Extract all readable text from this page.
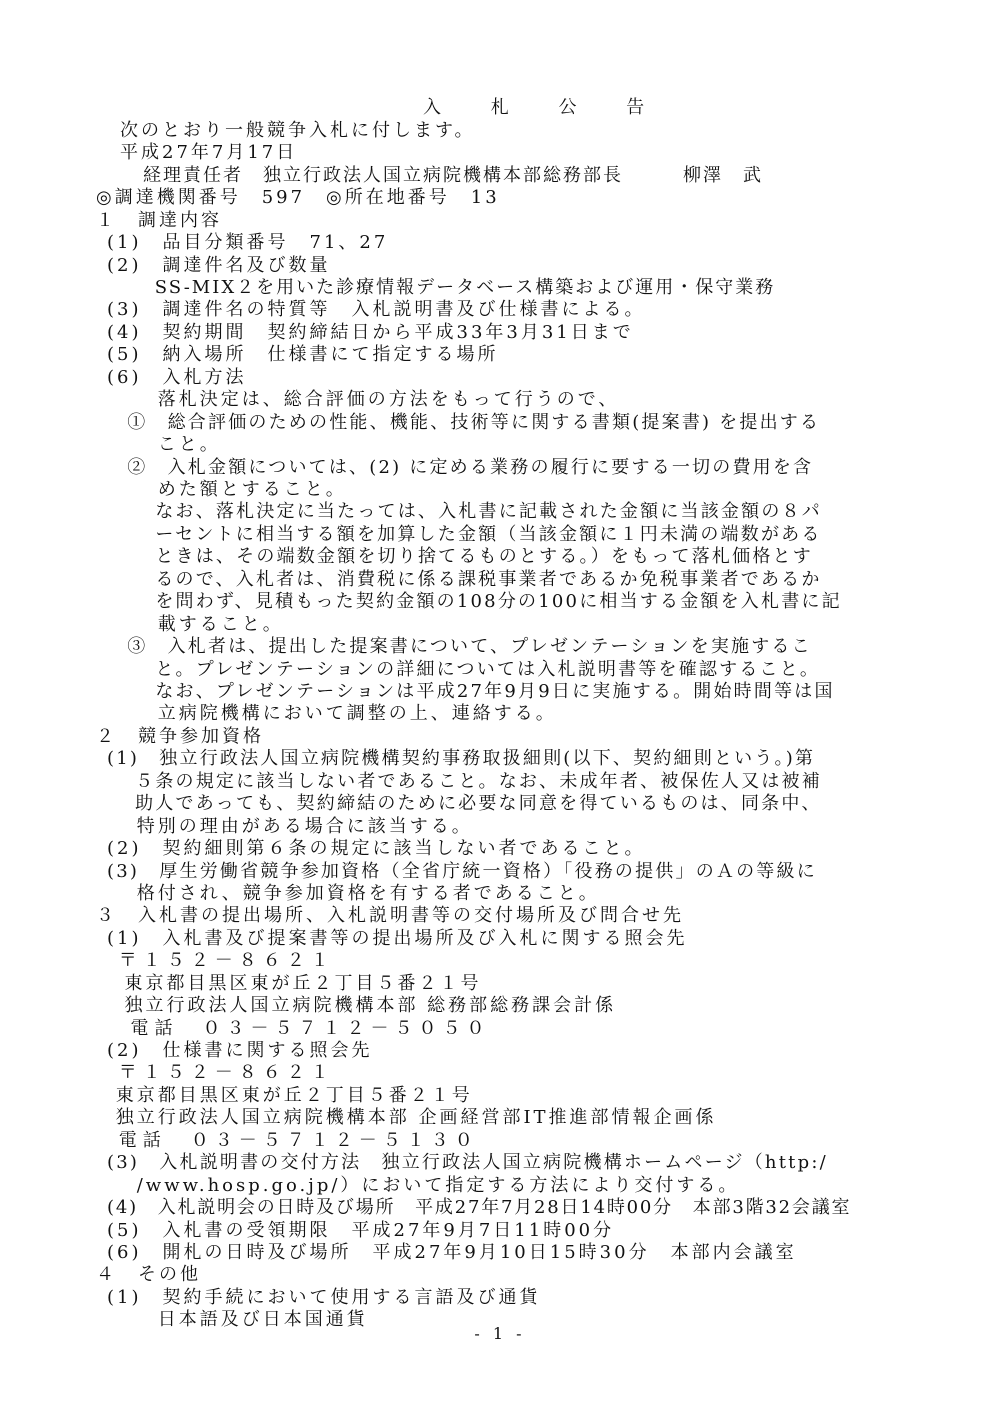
入 札 公 告
次のとおり一般競争入札に付します。
平成27年7月17日
経理責任者　独立行政法人国立病院機構本部総務部長　　　柳澤　武
◎調達機関番号　597　◎所在地番号　13
１　調達内容
(1)　品目分類番号　71、27
(2)　調達件名及び数量
　　 SS-MIX２を用いた診療情報データベース構築および運用・保守業務
(3)　調達件名の特質等　入札説明書及び仕様書による。
(4)　契約期間　契約締結日から平成33年3月31日まで
(5)　納入場所　仕様書にて指定する場所
(6)　入札方法
　　 落札決定は、総合評価の方法をもって行うので、
　①　総合評価のための性能、機能、技術等に関する書類(提案書) を提出する
　　 こと。
　②　入札金額については、(2) に定める業務の履行に要する一切の費用を含
　　 めた額とすること。
　　 なお、落札決定に当たっては、入札書に記載された金額に当該金額の８パ
　　 ーセントに相当する額を加算した金額（当該金額に１円未満の端数がある
　　 ときは、その端数金額を切り捨てるものとする。）をもって落札価格とす
　　 るので、入札者は、消費税に係る課税事業者であるか免税事業者であるか
　　 を問わず、見積もった契約金額の108分の100に相当する金額を入札書に記
　　 載すること。
　③　入札者は、提出した提案書について、プレゼンテーションを実施するこ
　　 と。プレゼンテーションの詳細については入札説明書等を確認すること。
　　 なお、プレゼンテーションは平成27年9月9日に実施する。開始時間等は国
　　 立病院機構において調整の上、連絡する。
２　競争参加資格
(1)　独立行政法人国立病院機構契約事務取扱細則(以下、契約細則という。)第
　 ５条の規定に該当しない者であること。なお、未成年者、被保佐人又は被補
　 助人であっても、契約締結のために必要な同意を得ているものは、同条中、
　 特別の理由がある場合に該当する。
(2)　契約細則第６条の規定に該当しない者であること。
(3)　厚生労働省競争参加資格（全省庁統一資格）「役務の提供」のＡの等級に
　 格付され、競争参加資格を有する者であること。
３　入札書の提出場所、入札説明書等の交付場所及び問合せ先
(1)　入札書及び提案書等の提出場所及び入札に関する照会先
〒１５２－８６２１
東京都目黒区東が丘２丁目５番２１号
独立行政法人国立病院機構本部 総務部総務課会計係
電話　０３－５７１２－５０５０
(2)　仕様書に関する照会先
〒１５２－８６２１
東京都目黒区東が丘２丁目５番２１号
独立行政法人国立病院機構本部 企画経営部IT推進部情報企画係
電話　０３－５７１２－５１３０
(3)　入札説明書の交付方法　独立行政法人国立病院機構ホームページ（http:/
　 /www.hosp.go.jp/）において指定する方法により交付する。
(4)　入札説明会の日時及び場所　平成27年7月28日14時00分　本部3階32会議室
(5)　入札書の受領期限　平成27年9月7日11時00分
(6)　開札の日時及び場所　平成27年9月10日15時30分　本部内会議室
４　その他
(1)　契約手続において使用する言語及び通貨
　　 日本語及び日本国通貨
- 1 -
